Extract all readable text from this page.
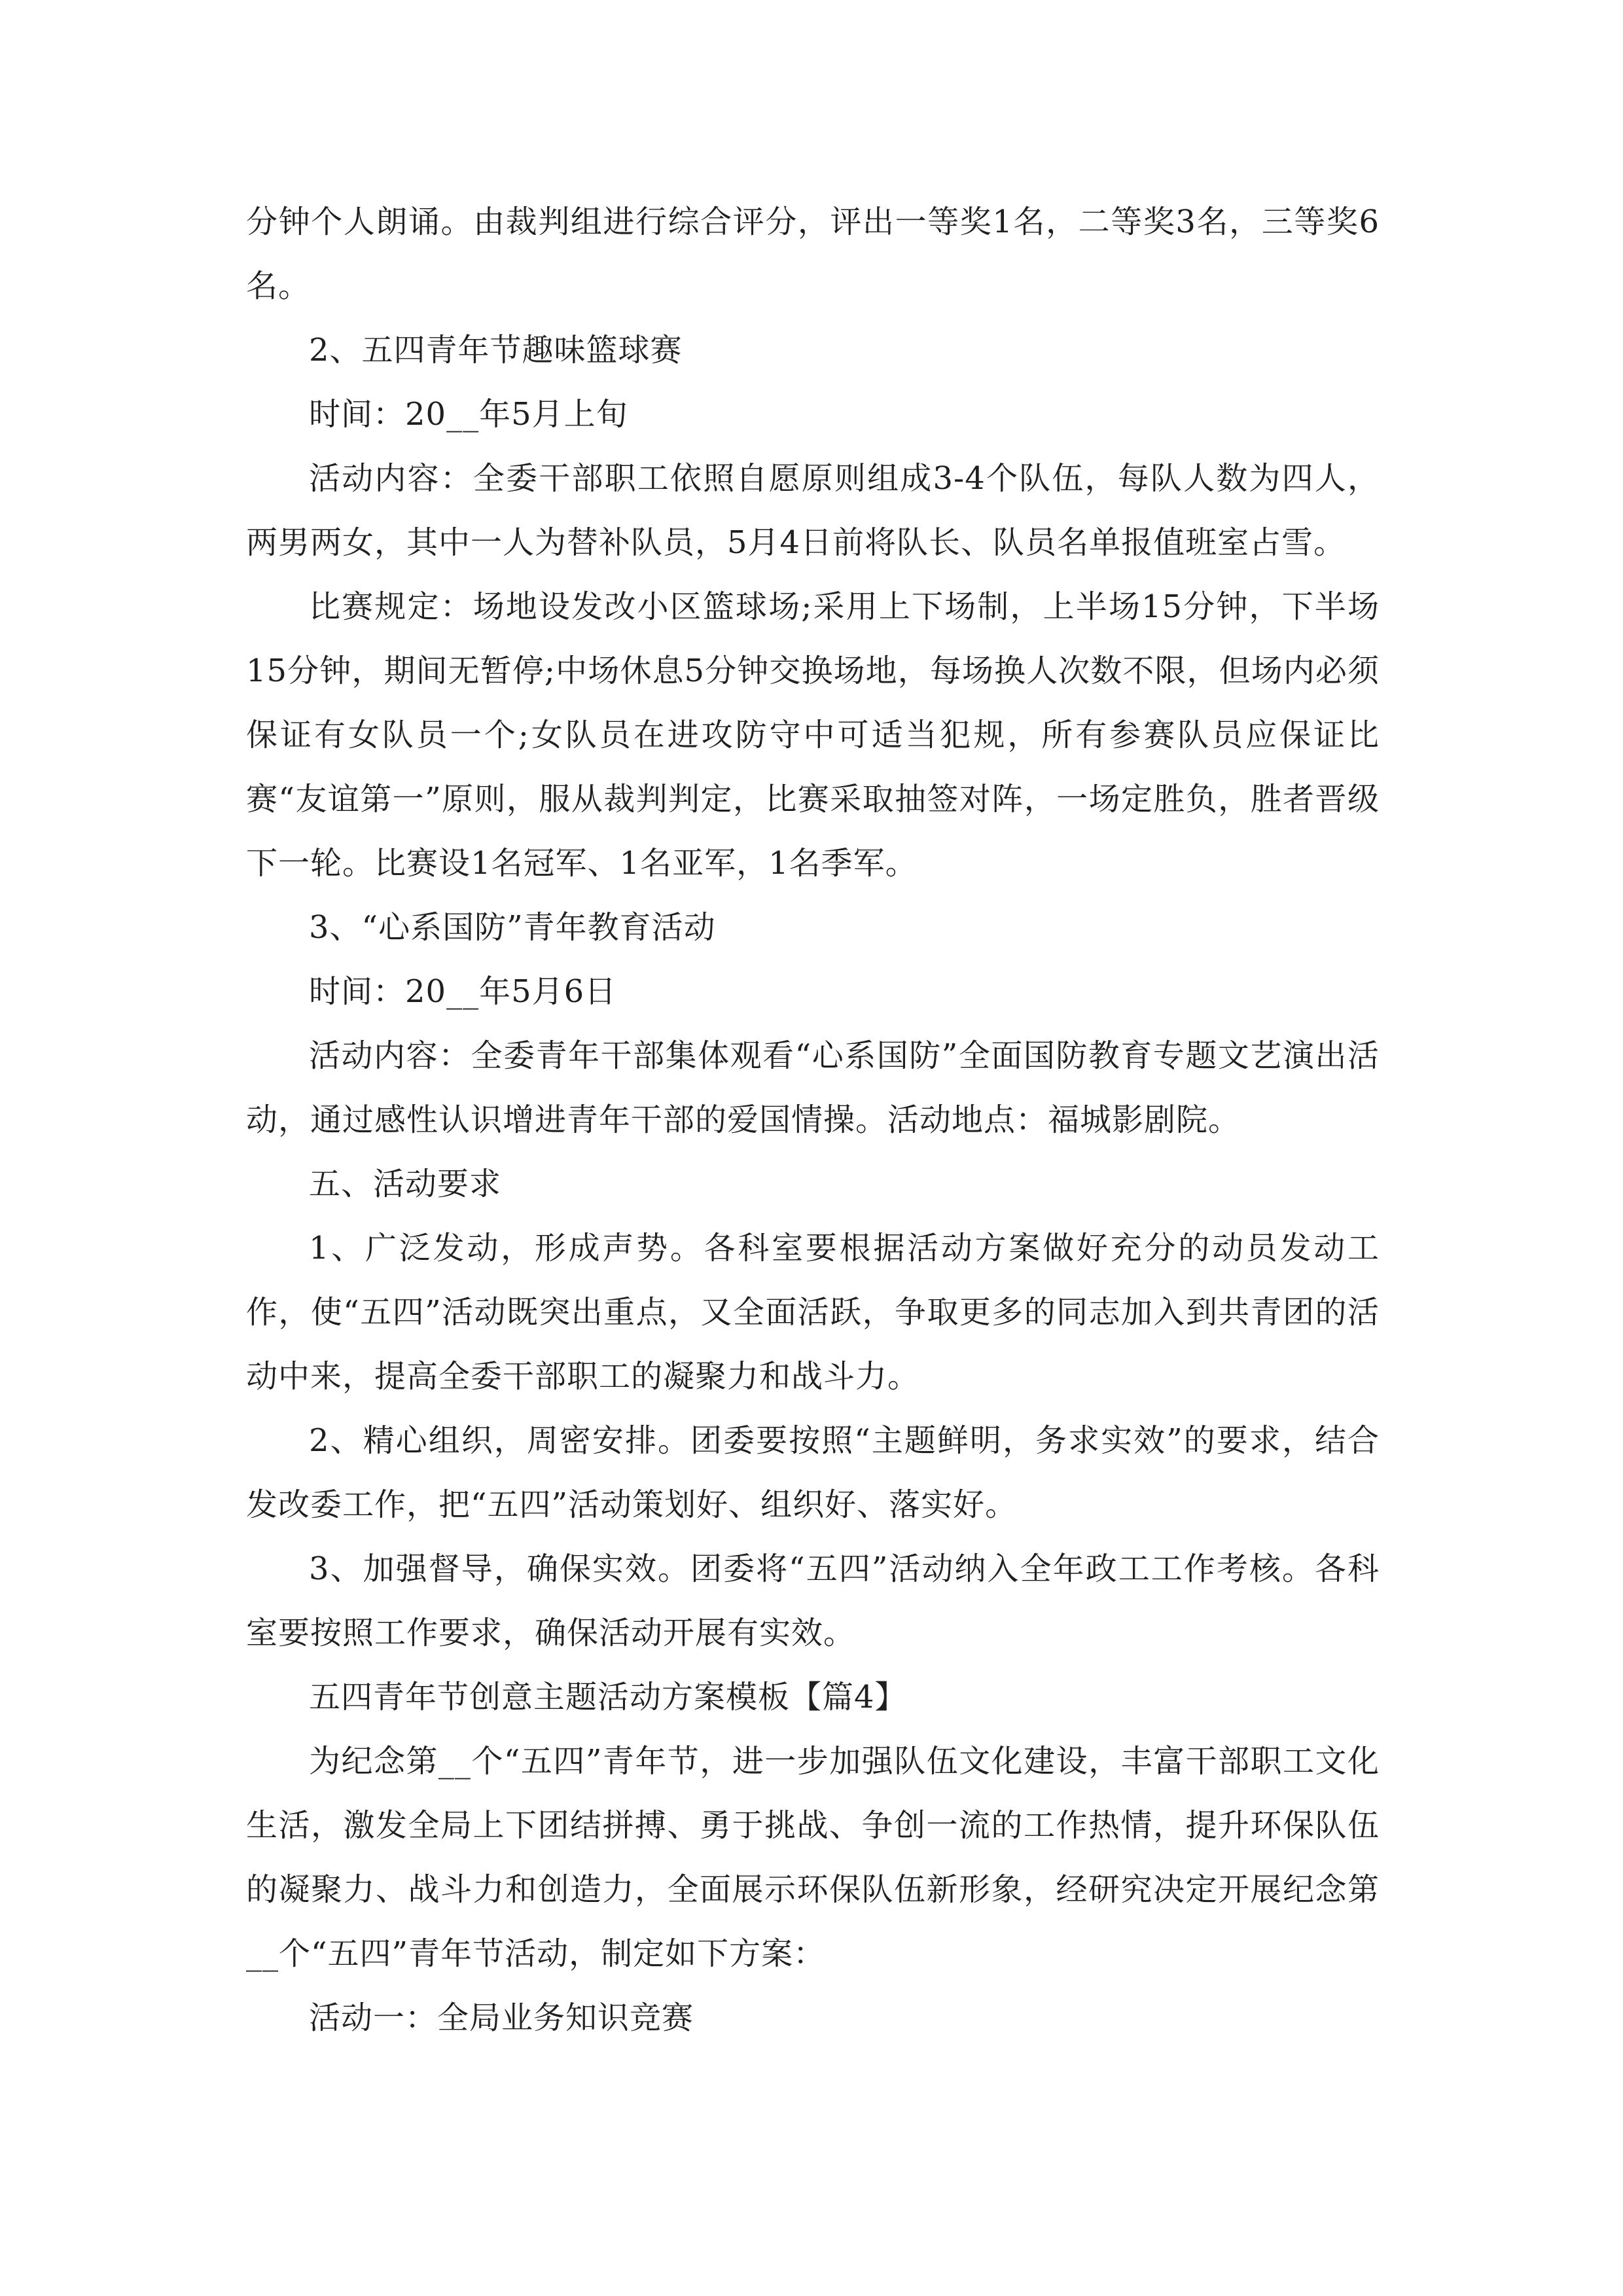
分钟个人朗诵。由裁判组进行综合评分，评出一等奖1名，二等奖3名，三等奖6名。

2、五四青年节趣味篮球赛

时间：20__年5月上旬

活动内容：全委干部职工依照自愿原则组成3-4个队伍，每队人数为四人，两男两女，其中一人为替补队员，5月4日前将队长、队员名单报值班室占雪。

比赛规定：场地设发改小区篮球场;采用上下场制，上半场15分钟，下半场15分钟，期间无暂停;中场休息5分钟交换场地，每场换人次数不限，但场内必须保证有女队员一个;女队员在进攻防守中可适当犯规，所有参赛队员应保证比赛“友谊第一”原则，服从裁判判定，比赛采取抽签对阵，一场定胜负，胜者晋级下一轮。比赛设1名冠军、1名亚军，1名季军。

3、“心系国防”青年教育活动

时间：20__年5月6日

活动内容：全委青年干部集体观看“心系国防”全面国防教育专题文艺演出活动，通过感性认识增进青年干部的爱国情操。活动地点：福城影剧院。

五、活动要求

1、广泛发动，形成声势。各科室要根据活动方案做好充分的动员发动工作，使“五四”活动既突出重点，又全面活跃，争取更多的同志加入到共青团的活动中来，提高全委干部职工的凝聚力和战斗力。

2、精心组织，周密安排。团委要按照“主题鲜明，务求实效”的要求，结合发改委工作，把“五四”活动策划好、组织好、落实好。

3、加强督导，确保实效。团委将“五四”活动纳入全年政工工作考核。各科室要按照工作要求，确保活动开展有实效。

五四青年节创意主题活动方案模板【篇4】

为纪念第__个“五四”青年节，进一步加强队伍文化建设，丰富干部职工文化生活，激发全局上下团结拼搏、勇于挑战、争创一流的工作热情，提升环保队伍的凝聚力、战斗力和创造力，全面展示环保队伍新形象，经研究决定开展纪念第__个“五四”青年节活动，制定如下方案：

活动一：全局业务知识竞赛
